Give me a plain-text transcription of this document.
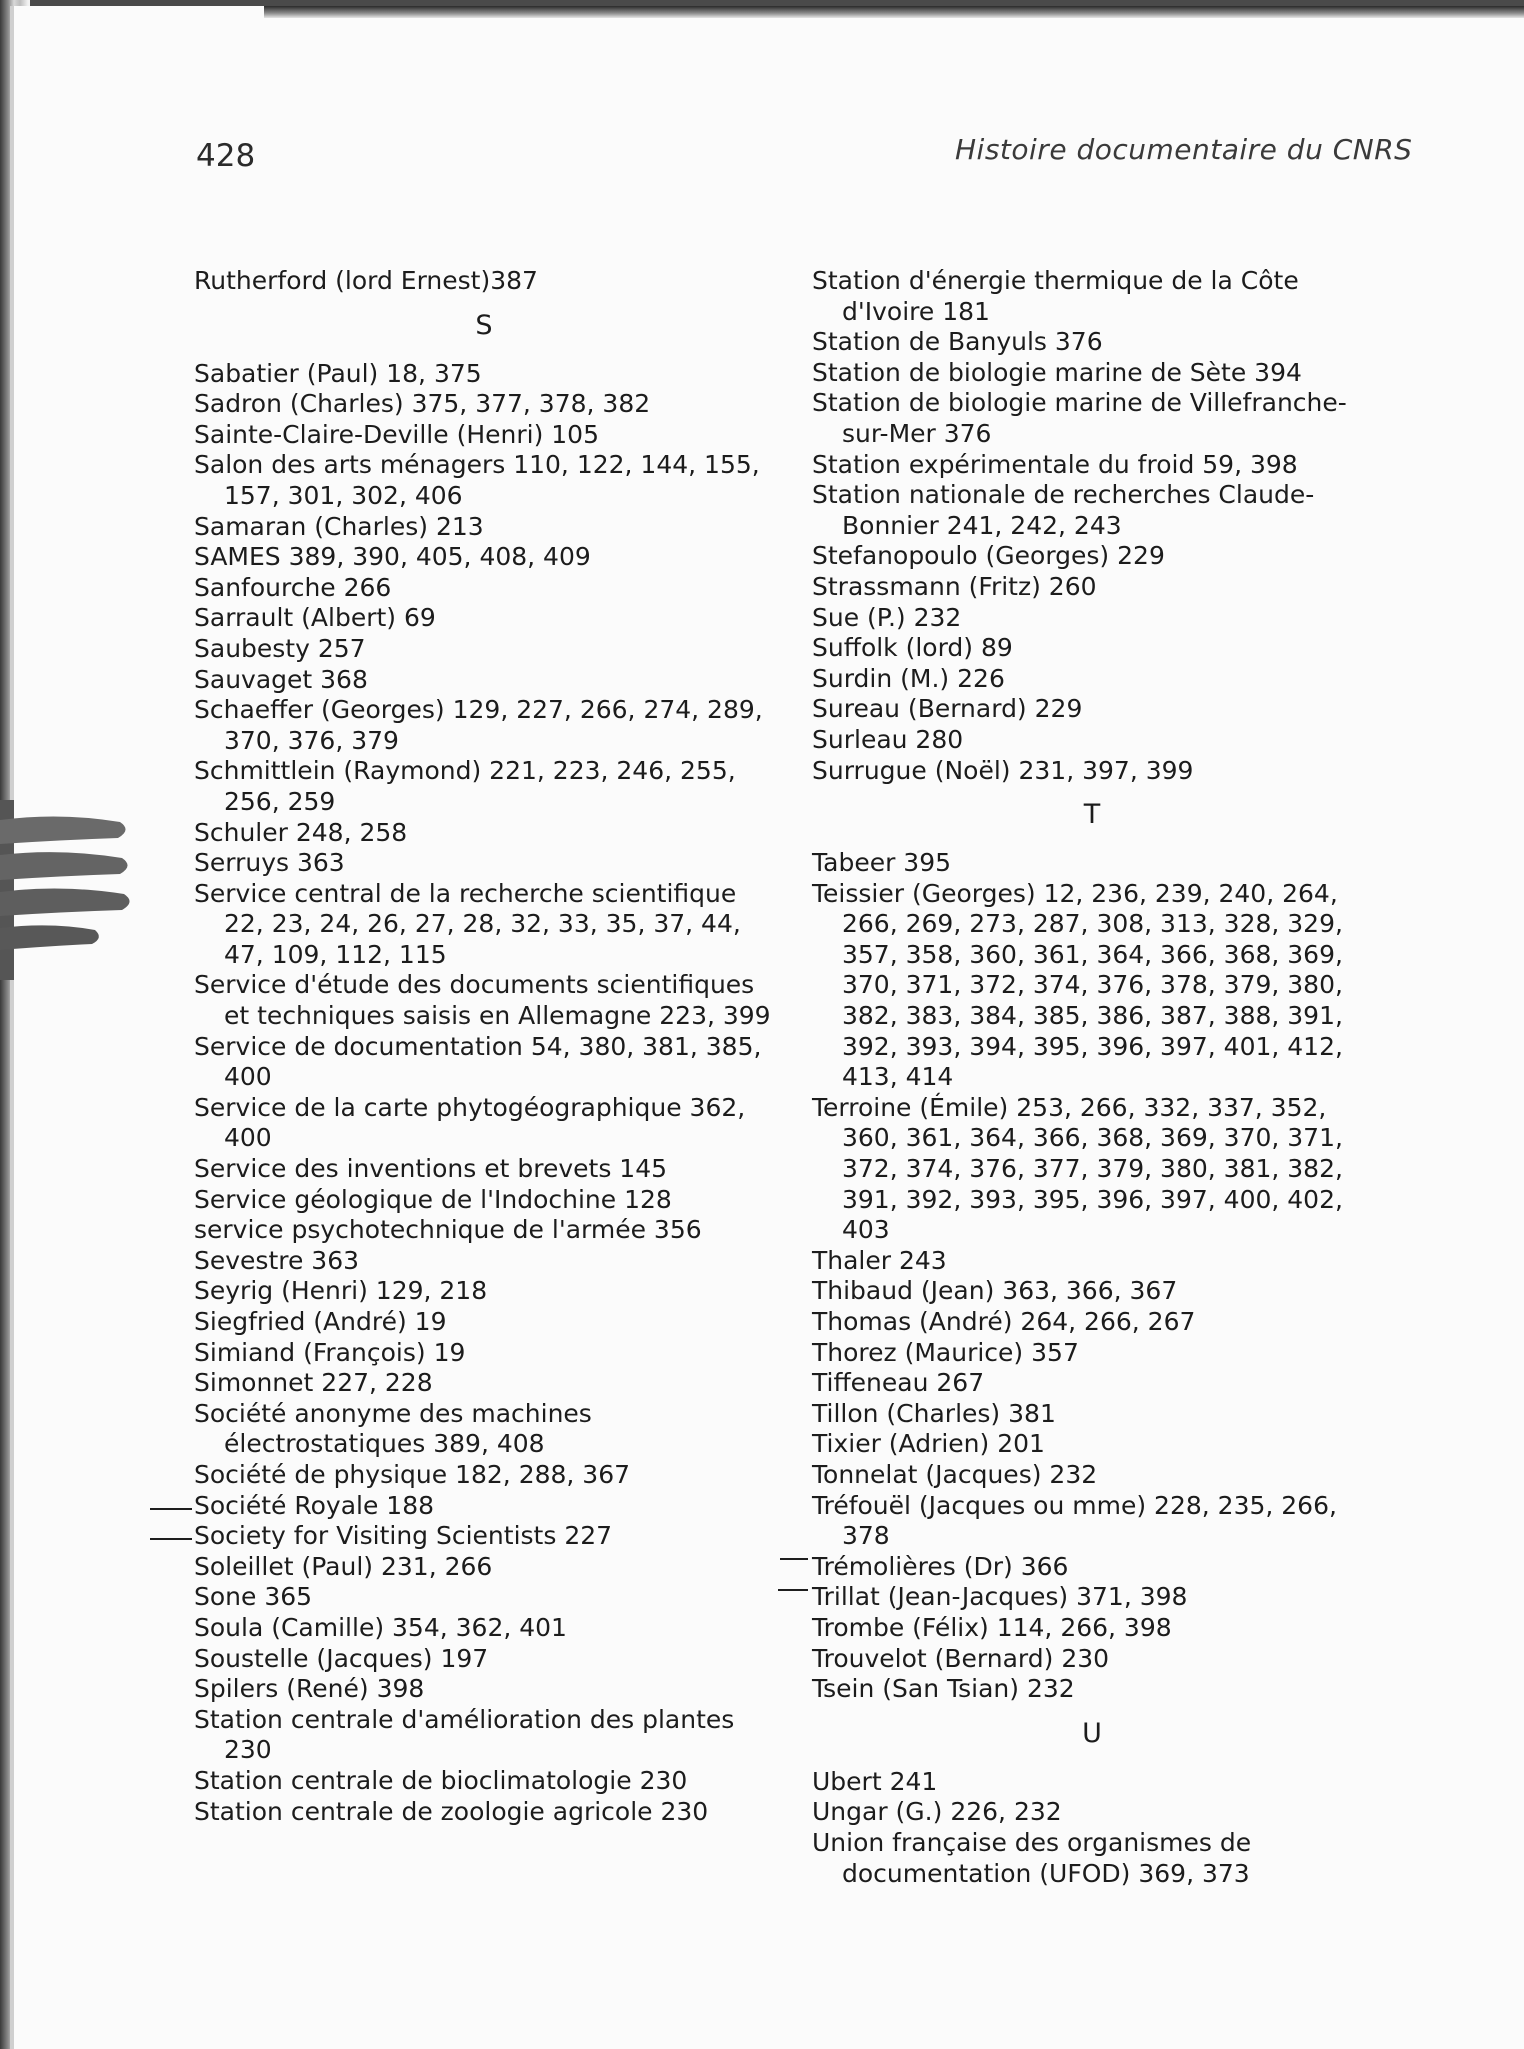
428	Histoire documentaire du CNRS
Rutherford (lord Ernest)387
S
Sabatier (Paul) 18, 375
Sadron (Charles) 375, 377, 378, 382
Sainte-Claire-Deville (Henri) 105
Salon des arts ménagers 110, 122, 144, 155, 157, 301, 302, 406
Samaran (Charles) 213
SAMES 389, 390, 405, 408, 409
Sanfourche 266
Sarrault (Albert) 69
Saubesty 257
Sauvaget 368
Schaeffer (Georges) 129, 227, 266, 274, 289, 370, 376, 379
Schmittlein (Raymond) 221, 223, 246, 255, 256, 259
Schuler 248, 258
Serruys 363
Service central de la recherche scientifique 22, 23, 24, 26, 27, 28, 32, 33, 35, 37, 44, 47, 109, 112, 115
Service d'étude des documents scientifiques et techniques saisis en Allemagne 223, 399
Service de documentation 54, 380, 381, 385, 400
Service de la carte phytogéographique 362, 400
Service des inventions et brevets 145
Service géologique de l'Indochine 128
service psychotechnique de l'armée 356
Sevestre 363
Seyrig (Henri) 129, 218
Siegfried (André) 19
Simiand (François) 19
Simonnet 227, 228
Société anonyme des machines électrostatiques 389, 408
Société de physique 182, 288, 367
Société Royale 188
Society for Visiting Scientists 227
Soleillet (Paul) 231, 266
Sone 365
Soula (Camille) 354, 362, 401
Soustelle (Jacques) 197
Spilers (René) 398
Station centrale d'amélioration des plantes 230
Station centrale de bioclimatologie 230
Station centrale de zoologie agricole 230
Station d'énergie thermique de la Côte d'Ivoire 181
Station de Banyuls 376
Station de biologie marine de Sète 394
Station de biologie marine de Villefranche-sur-Mer 376
Station expérimentale du froid 59, 398
Station nationale de recherches Claude-Bonnier 241, 242, 243
Stefanopoulo (Georges) 229
Strassmann (Fritz) 260
Sue (P.) 232
Suffolk (lord) 89
Surdin (M.) 226
Sureau (Bernard) 229
Surleau 280
Surrugue (Noël) 231, 397, 399
T
Tabeer 395
Teissier (Georges) 12, 236, 239, 240, 264, 266, 269, 273, 287, 308, 313, 328, 329, 357, 358, 360, 361, 364, 366, 368, 369, 370, 371, 372, 374, 376, 378, 379, 380, 382, 383, 384, 385, 386, 387, 388, 391, 392, 393, 394, 395, 396, 397, 401, 412, 413, 414
Terroine (Émile) 253, 266, 332, 337, 352, 360, 361, 364, 366, 368, 369, 370, 371, 372, 374, 376, 377, 379, 380, 381, 382, 391, 392, 393, 395, 396, 397, 400, 402, 403
Thaler 243
Thibaud (Jean) 363, 366, 367
Thomas (André) 264, 266, 267
Thorez (Maurice) 357
Tiffeneau 267
Tillon (Charles) 381
Tixier (Adrien) 201
Tonnelat (Jacques) 232
Tréfouël (Jacques ou mme) 228, 235, 266, 378
Trémolières (Dr) 366
Trillat (Jean-Jacques) 371, 398
Trombe (Félix) 114, 266, 398
Trouvelot (Bernard) 230
Tsein (San Tsian) 232
U
Ubert 241
Ungar (G.) 226, 232
Union française des organismes de documentation (UFOD) 369, 373
